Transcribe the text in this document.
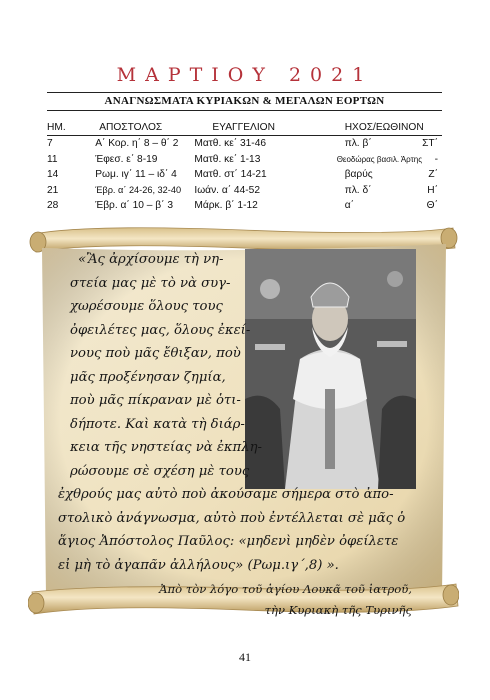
ΜΑΡΤΙΟΥ 2021
ΑΝΑΓΝΩΣΜΑΤΑ ΚΥΡΙΑΚΩΝ & ΜΕΓΑΛΩΝ ΕΟΡΤΩΝ
ΗΜ.	ΑΠΟΣΤΟΛΟΣ	ΕΥΑΓΓΕΛΙΟΝ	ΗΧΟΣ/ΕΩΘΙΝΟΝ	
7	Α΄ Κορ. η΄ 8 – θ΄ 2	Ματθ. κε΄ 31-46	πλ. β΄	ΣΤ΄
11	Έφεσ. ε΄ 8-19	Ματθ. κε΄ 1-13	Θεοδώρας βασιλ. Άρτης	-
14	Ρωμ. ιγ΄ 11 – ιδ΄ 4	Ματθ. στ΄ 14-21	βαρύς	Ζ΄
21	Έβρ. α΄ 24-26, 32-40	Ιωάν. α΄ 44-52	πλ. δ΄	Η΄
28	Έβρ. α΄ 10 – β΄ 3	Μάρκ. β΄ 1-12	α΄	Θ΄
«Ἂς ἀρχίσουμε τὴ νη-
στεία μας μὲ τὸ νὰ συγ-
χωρέσουμε ὅλους τους
ὀφειλέτες μας, ὅλους ἐκεί-
νους ποὺ μᾶς ἔθιξαν, ποὺ
μᾶς προξένησαν ζημία,
ποὺ μᾶς πίκραναν μὲ ὁτι-
δήποτε. Καὶ κατὰ τὴ διάρ-
κεια τῆς νηστείας νὰ ἐκπλη-
ρώσουμε σὲ σχέση μὲ τους
ἐχθρούς μας αὐτὸ ποὺ ἀκούσαμε σήμερα στὸ ἀπο-
στολικὸ ἀνάγνωσμα, αὐτὸ ποὺ ἐντέλλεται σὲ μᾶς ὁ
ἅγιος Ἀπόστολος Παῦλος: «μηδενὶ μηδὲν ὀφείλετε
εἰ μὴ τὸ ἀγαπᾶν ἀλλήλους» (Ρωμ.ιγ΄,8) ».
Ἀπὸ τὸν λόγο τοῦ ἁγίου Λουκᾶ τοῦ ἰατροῦ,
τὴν Κυριακὴ τῆς Τυρινῆς
41
